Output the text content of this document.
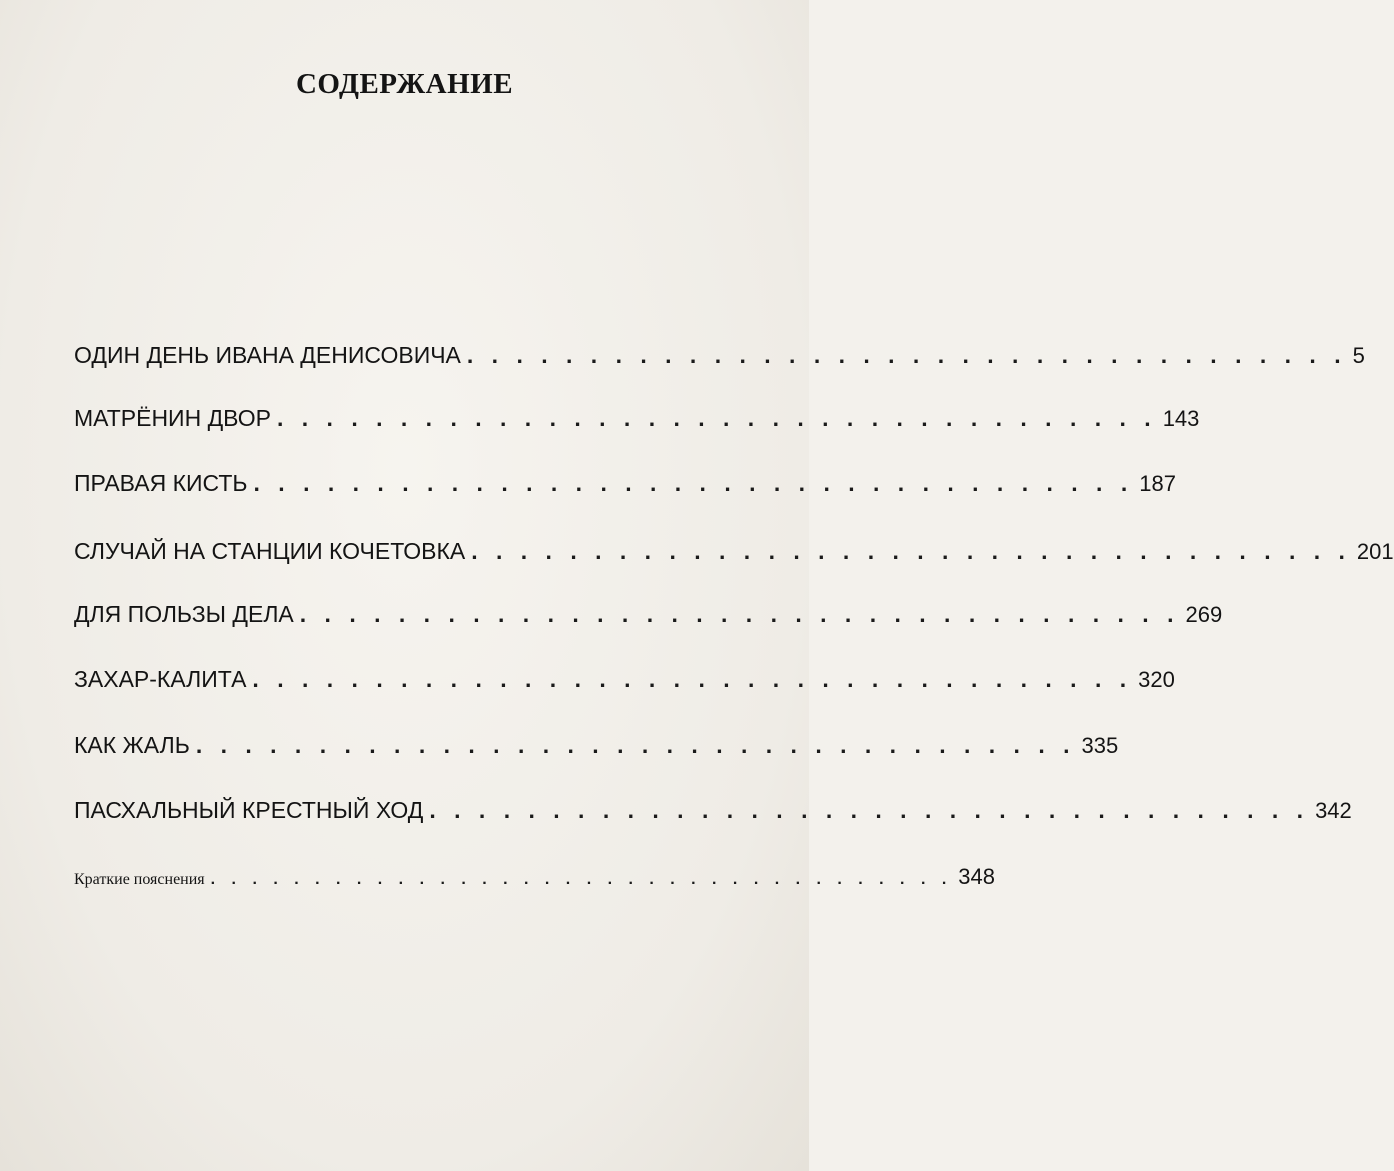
СОДЕРЖАНИЕ
ОДИН ДЕНЬ ИВАНА ДЕНИСОВИЧА . . . . . . . . . . . . . . . . . . . . . . . . . . . . . . . . . . . . 5
МАТРЁНИН ДВОР . . . . . . . . . . . . . . . . . . . . . . . . . . . . . . . . . . . . 143
ПРАВАЯ КИСТЬ . . . . . . . . . . . . . . . . . . . . . . . . . . . . . . . . . . . . 187
СЛУЧАЙ НА СТАНЦИИ КОЧЕТОВКА . . . . . . . . . . . . . . . . . . . . . . . . . . . . . . . . . . . . 201
ДЛЯ ПОЛЬЗЫ ДЕЛА . . . . . . . . . . . . . . . . . . . . . . . . . . . . . . . . . . . . 269
ЗАХАР-КАЛИТА . . . . . . . . . . . . . . . . . . . . . . . . . . . . . . . . . . . . 320
КАК ЖАЛЬ . . . . . . . . . . . . . . . . . . . . . . . . . . . . . . . . . . . . 335
ПАСХАЛЬНЫЙ КРЕСТНЫЙ ХОД . . . . . . . . . . . . . . . . . . . . . . . . . . . . . . . . . . . . 342
Краткие пояснения . . . . . . . . . . . . . . . . . . . . . . . . . . . . . . . . . . . . 348
